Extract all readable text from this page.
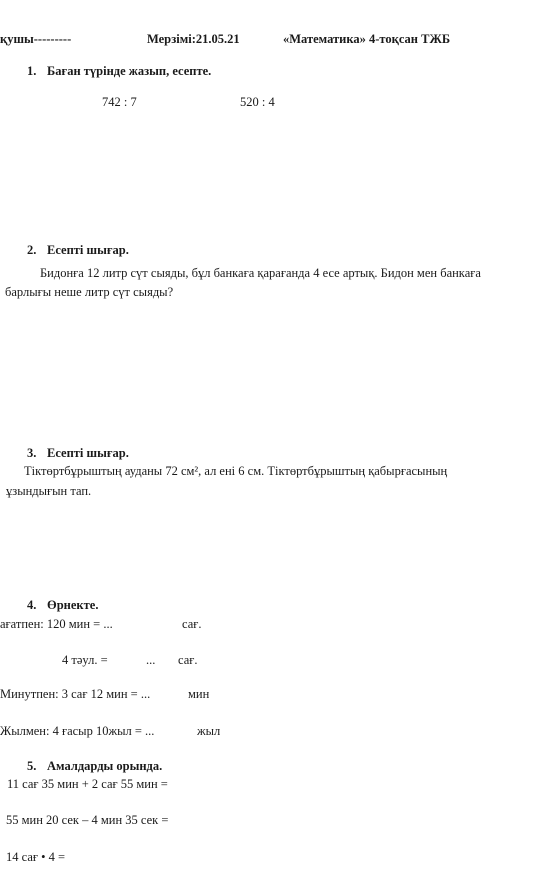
қушы---------	Мерзімі:21.05.21	«Математика» 4-тоқсан ТЖБ
1. Баған түрінде жазып, есепте.
742 : 7	520 : 4
2. Есепті шығар.
Бидонға 12 литр сүт сыяды, бұл банкаға қарағанда 4 есе артық. Бидон мен банкаға
барлығы неше литр сүт сыяды?
3. Есепті шығар.
Тіктөртбұрыштың ауданы 72 см², ал ені 6 см. Тіктөртбұрыштың қабырғасының
ұзындығын тап.
4. Өрнекте.
ағатпен: 120 мин = ...	сағ.
4 тәул. =	... сағ.
Минутпен: 3 сағ 12 мин = ...	мин
Жылмен: 4 ғасыр 10жыл = ...	жыл
5. Амалдарды орында.
11 сағ 35 мин + 2 сағ 55 мин =
55 мин 20 сек – 4 мин 35 сек =
14 сағ • 4 =
